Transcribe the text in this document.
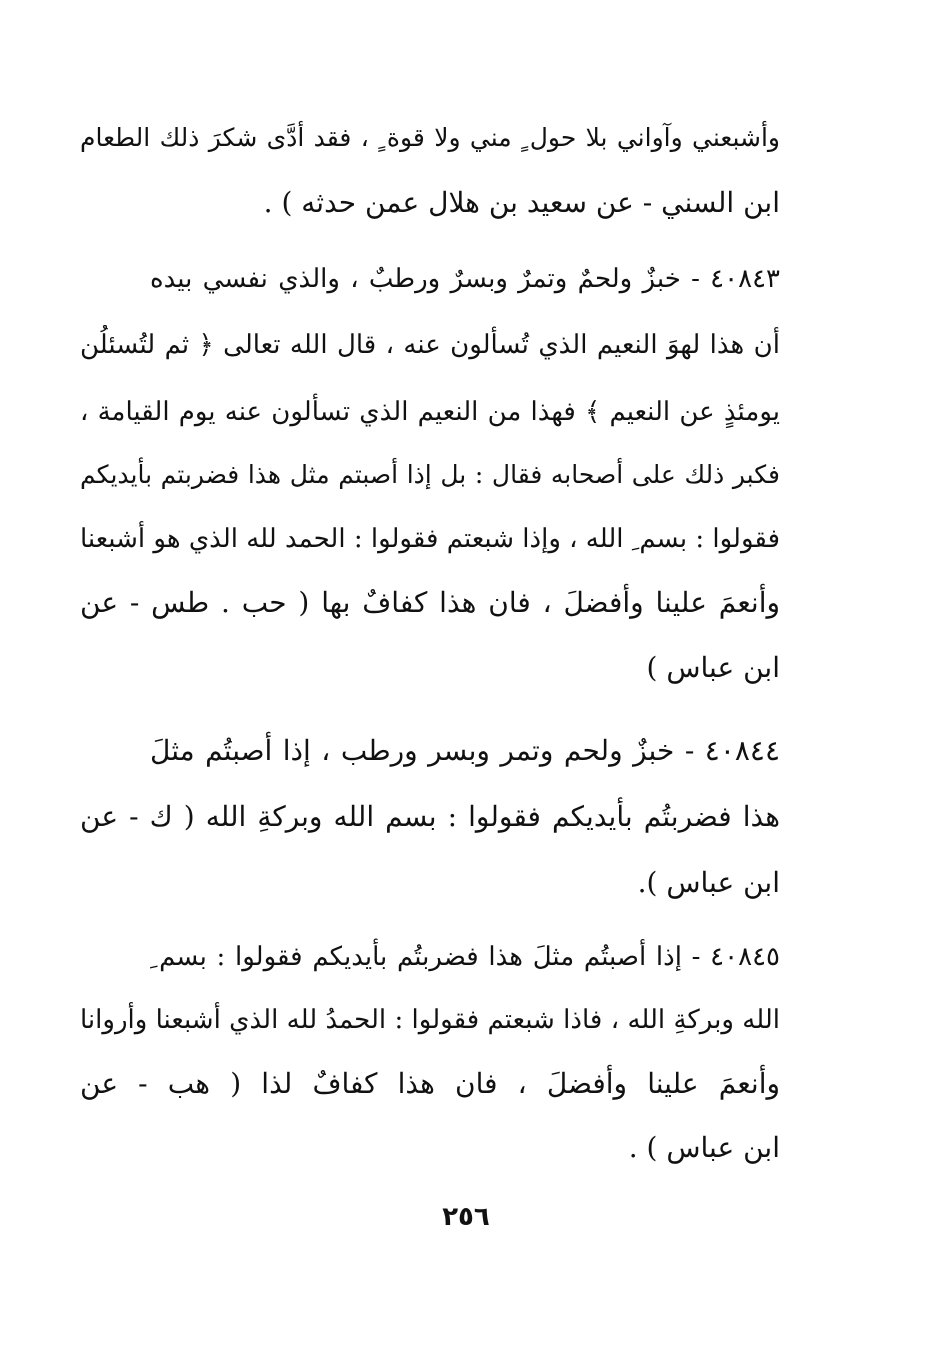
وأشبعني وآواني بلا حول ٍ مني ولا قوة ٍ ، فقد أدَّى شكرَ ذلك الطعام
ابن السني - عن سعيد بن هلال عمن حدثه ) .
٤٠٨٤٣ - خبزٌ ولحمٌ وتمرٌ وبسرٌ ورطبٌ ، والذي نفسي بيده
أن هذا لهوَ النعيم الذي تُسألون عنه ، قال الله تعالى ﴿ ثم لتُسئلُن
يومئذٍ عن النعيم ﴾ فهذا من النعيم الذي تسألون عنه يوم القيامة ،
فكبر ذلك على أصحابه فقال : بل إذا أصبتم مثل هذا فضربتم بأيديكم
فقولوا : بسم ِ الله ، وإذا شبعتم فقولوا : الحمد لله الذي هو أشبعنا
وأنعمَ علينا وأفضلَ ، فان هذا كفافٌ بها ( حب . طس - عن
ابن عباس )
٤٠٨٤٤ - خبزٌ ولحم وتمر وبسر ورطب ، إذا أصبتُم مثلَ
هذا فضربتُم بأيديكم فقولوا : بسم الله وبركةِ الله ( ك - عن
ابن عباس ).
٤٠٨٤٥ - إذا أصبتُم مثلَ هذا فضربتُم بأيديكم فقولوا : بسم ِ
الله وبركةِ الله ، فاذا شبعتم فقولوا : الحمدُ لله الذي أشبعنا وأروانا
وأنعمَ علينا وأفضلَ ، فان هذا كفافٌ لذا ( هب - عن
ابن عباس ) .
٢٥٦
